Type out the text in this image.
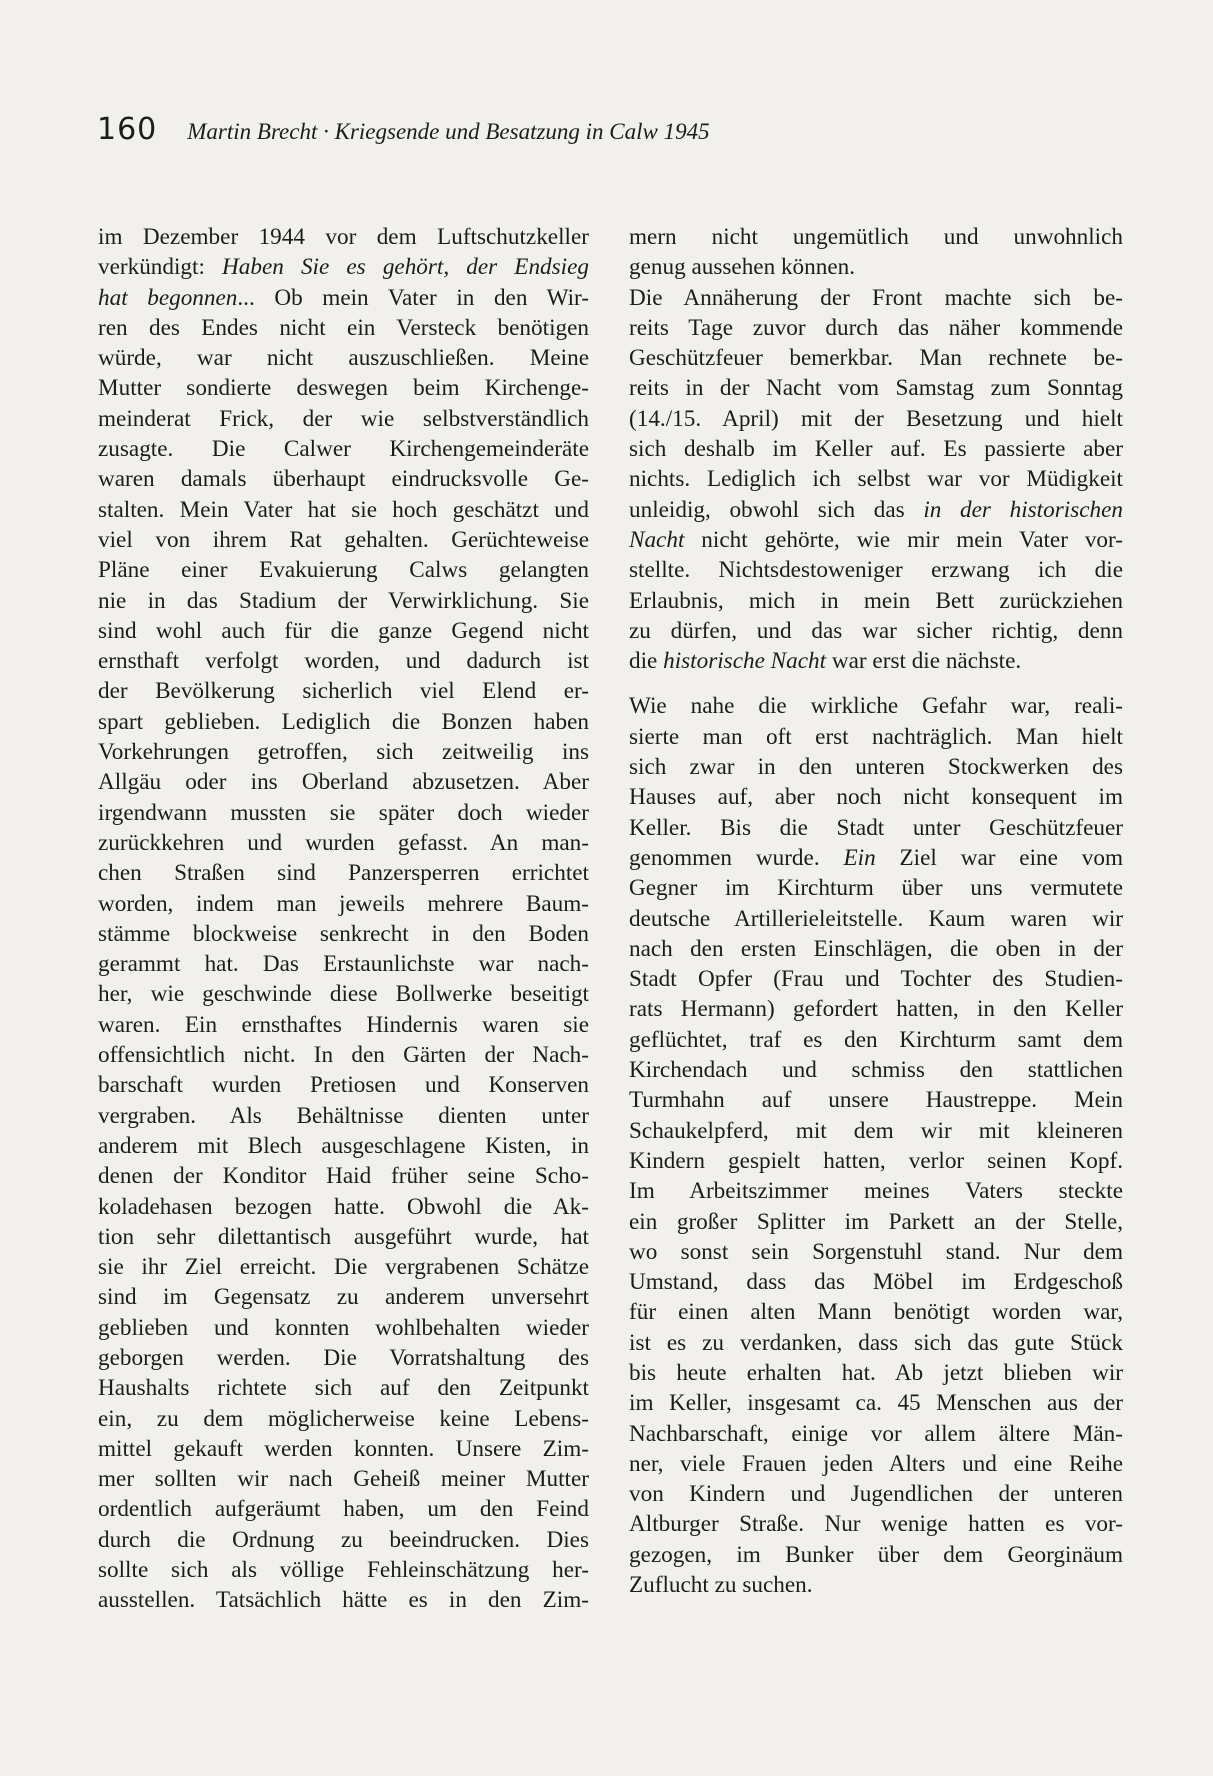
160 Martin Brecht · Kriegsende und Besatzung in Calw 1945
im Dezember 1944 vor dem Luftschutzkeller
verkündigt: Haben Sie es gehört, der Endsieg
hat begonnen... Ob mein Vater in den Wir-
ren des Endes nicht ein Versteck benötigen
würde, war nicht auszuschließen. Meine
Mutter sondierte deswegen beim Kirchenge-
meinderat Frick, der wie selbstverständlich
zusagte. Die Calwer Kirchengemeinderäte
waren damals überhaupt eindrucksvolle Ge-
stalten. Mein Vater hat sie hoch geschätzt und
viel von ihrem Rat gehalten. Gerüchteweise
Pläne einer Evakuierung Calws gelangten
nie in das Stadium der Verwirklichung. Sie
sind wohl auch für die ganze Gegend nicht
ernsthaft verfolgt worden, und dadurch ist
der Bevölkerung sicherlich viel Elend er-
spart geblieben. Lediglich die Bonzen haben
Vorkehrungen getroffen, sich zeitweilig ins
Allgäu oder ins Oberland abzusetzen. Aber
irgendwann mussten sie später doch wieder
zurückkehren und wurden gefasst. An man-
chen Straßen sind Panzersperren errichtet
worden, indem man jeweils mehrere Baum-
stämme blockweise senkrecht in den Boden
gerammt hat. Das Erstaunlichste war nach-
her, wie geschwinde diese Bollwerke beseitigt
waren. Ein ernsthaftes Hindernis waren sie
offensichtlich nicht. In den Gärten der Nach-
barschaft wurden Pretiosen und Konserven
vergraben. Als Behältnisse dienten unter
anderem mit Blech ausgeschlagene Kisten, in
denen der Konditor Haid früher seine Scho-
koladehasen bezogen hatte. Obwohl die Ak-
tion sehr dilettantisch ausgeführt wurde, hat
sie ihr Ziel erreicht. Die vergrabenen Schätze
sind im Gegensatz zu anderem unversehrt
geblieben und konnten wohlbehalten wieder
geborgen werden. Die Vorratshaltung des
Haushalts richtete sich auf den Zeitpunkt
ein, zu dem möglicherweise keine Lebens-
mittel gekauft werden konnten. Unsere Zim-
mer sollten wir nach Geheiß meiner Mutter
ordentlich aufgeräumt haben, um den Feind
durch die Ordnung zu beeindrucken. Dies
sollte sich als völlige Fehleinschätzung her-
ausstellen. Tatsächlich hätte es in den Zim-
mern nicht ungemütlich und unwohnlich
genug aussehen können.
Die Annäherung der Front machte sich be-
reits Tage zuvor durch das näher kommende
Geschützfeuer bemerkbar. Man rechnete be-
reits in der Nacht vom Samstag zum Sonntag
(14./15. April) mit der Besetzung und hielt
sich deshalb im Keller auf. Es passierte aber
nichts. Lediglich ich selbst war vor Müdigkeit
unleidig, obwohl sich das in der historischen
Nacht nicht gehörte, wie mir mein Vater vor-
stellte. Nichtsdestoweniger erzwang ich die
Erlaubnis, mich in mein Bett zurückziehen
zu dürfen, und das war sicher richtig, denn
die historische Nacht war erst die nächste.
Wie nahe die wirkliche Gefahr war, reali-
sierte man oft erst nachträglich. Man hielt
sich zwar in den unteren Stockwerken des
Hauses auf, aber noch nicht konsequent im
Keller. Bis die Stadt unter Geschützfeuer
genommen wurde. Ein Ziel war eine vom
Gegner im Kirchturm über uns vermutete
deutsche Artillerieleitstelle. Kaum waren wir
nach den ersten Einschlägen, die oben in der
Stadt Opfer (Frau und Tochter des Studien-
rats Hermann) gefordert hatten, in den Keller
geflüchtet, traf es den Kirchturm samt dem
Kirchendach und schmiss den stattlichen
Turmhahn auf unsere Haustreppe. Mein
Schaukelpferd, mit dem wir mit kleineren
Kindern gespielt hatten, verlor seinen Kopf.
Im Arbeitszimmer meines Vaters steckte
ein großer Splitter im Parkett an der Stelle,
wo sonst sein Sorgenstuhl stand. Nur dem
Umstand, dass das Möbel im Erdgeschoß
für einen alten Mann benötigt worden war,
ist es zu verdanken, dass sich das gute Stück
bis heute erhalten hat. Ab jetzt blieben wir
im Keller, insgesamt ca. 45 Menschen aus der
Nachbarschaft, einige vor allem ältere Män-
ner, viele Frauen jeden Alters und eine Reihe
von Kindern und Jugendlichen der unteren
Altburger Straße. Nur wenige hatten es vor-
gezogen, im Bunker über dem Georginäum
Zuflucht zu suchen.
